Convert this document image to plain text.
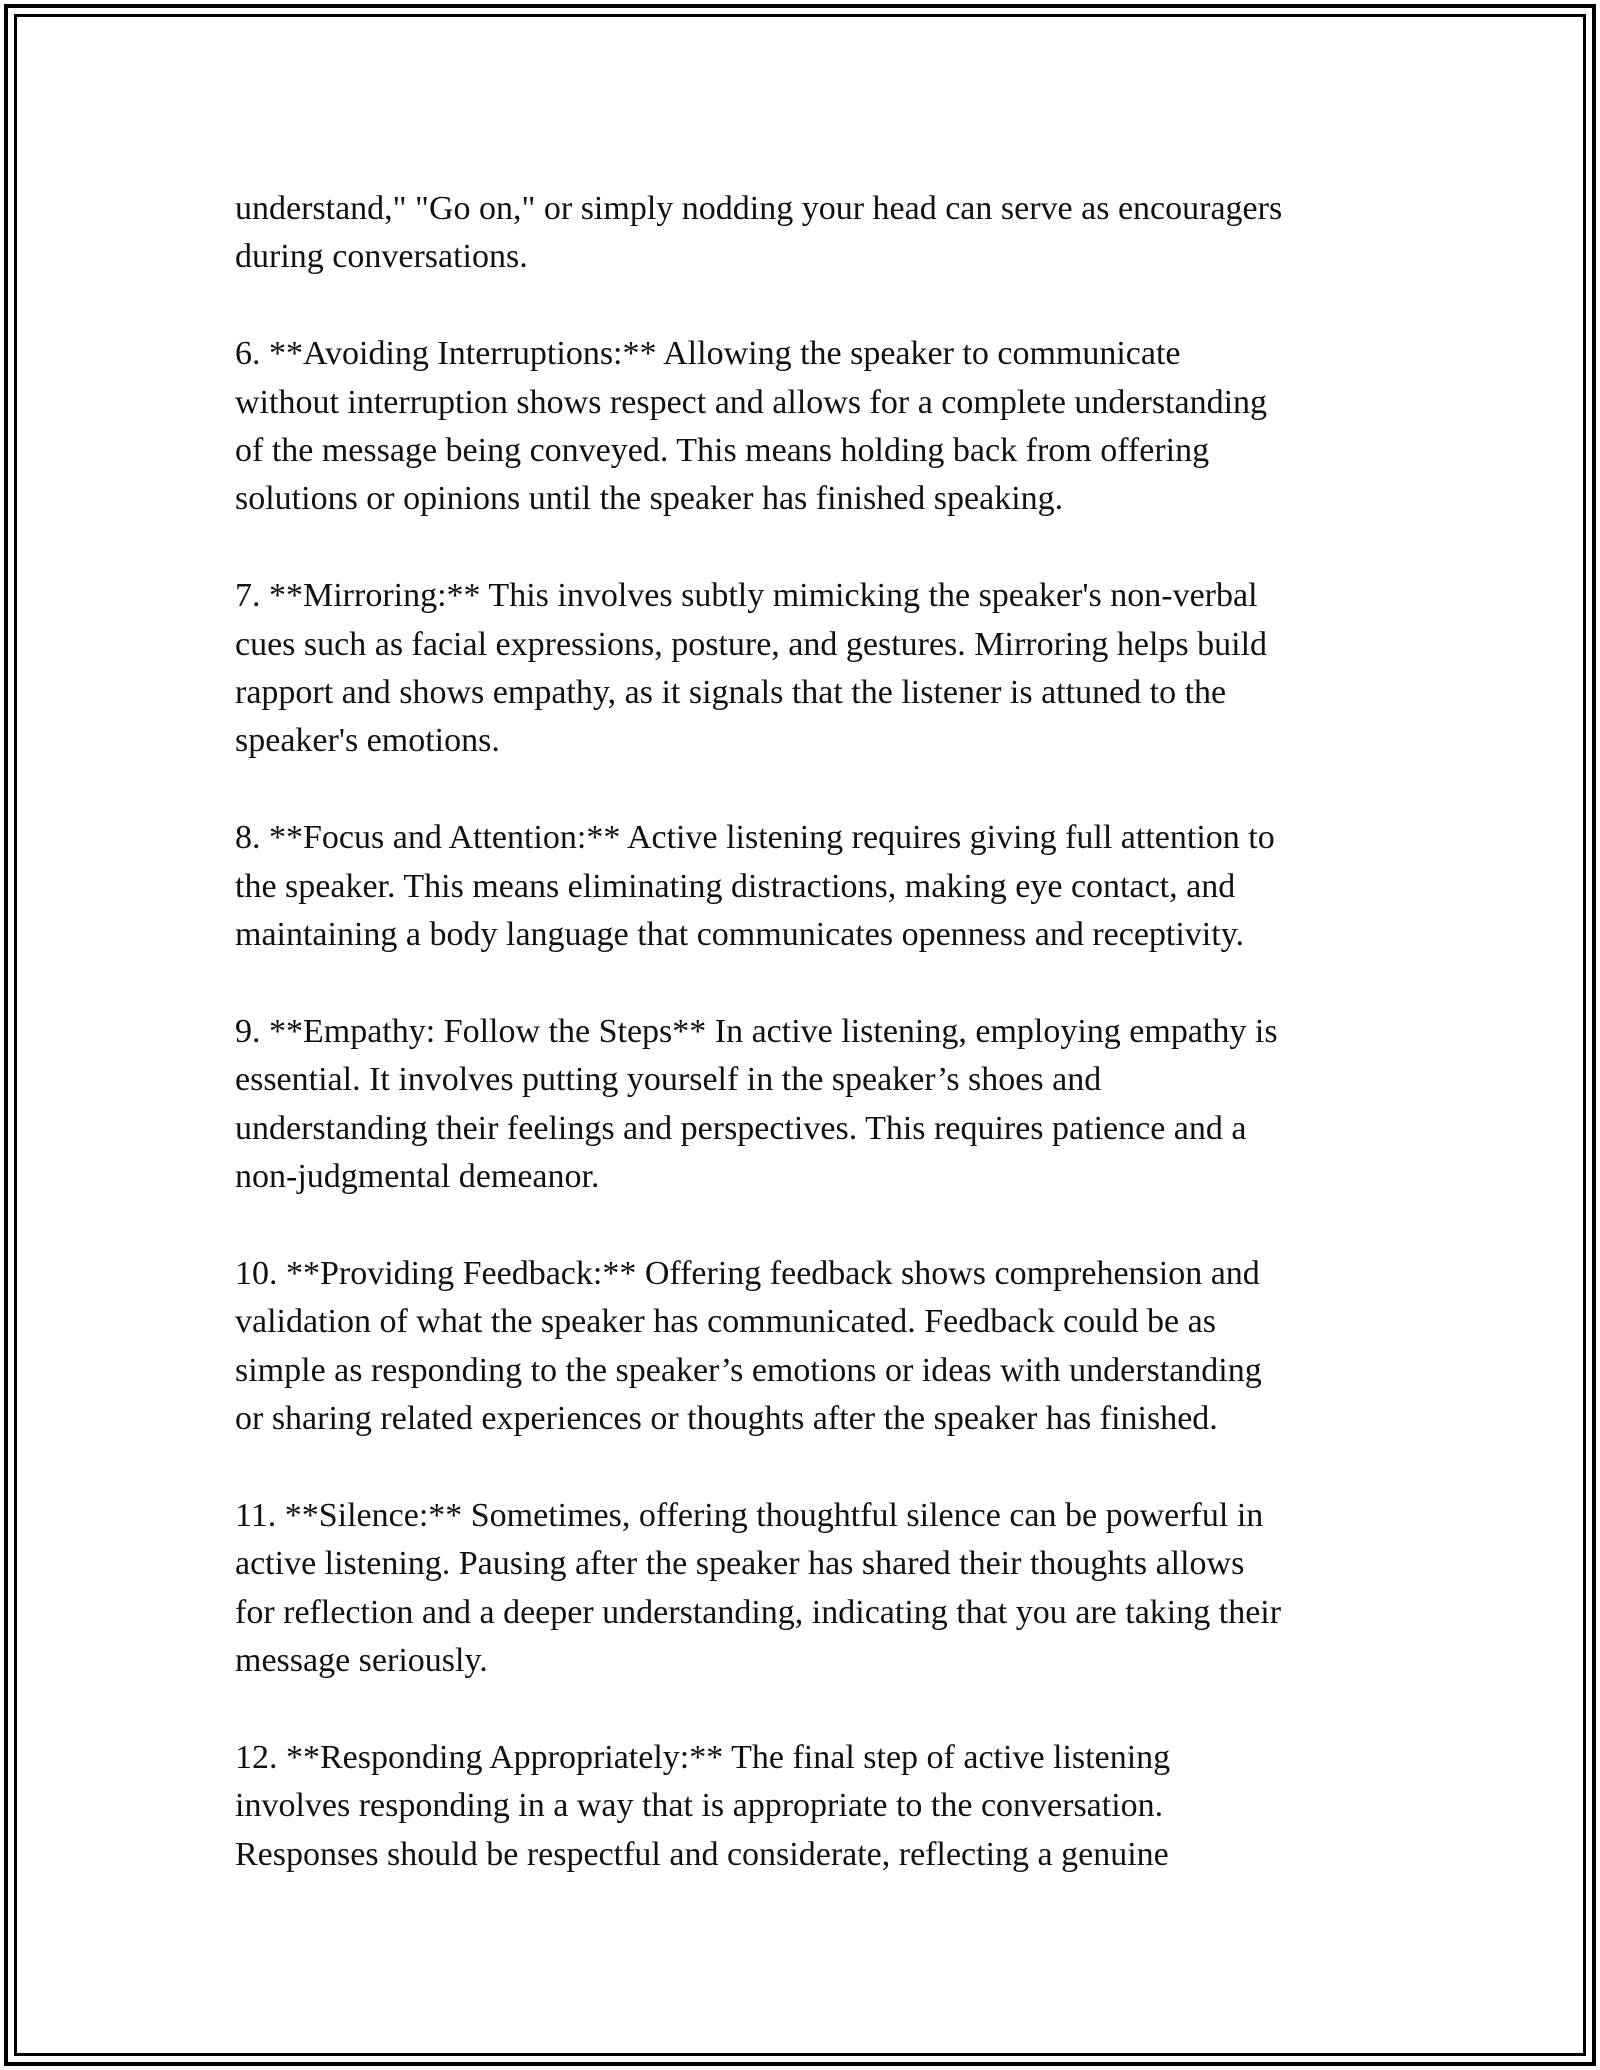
understand," "Go on," or simply nodding your head can serve as encouragers
during conversations.

6. **Avoiding Interruptions:** Allowing the speaker to communicate
without interruption shows respect and allows for a complete understanding
of the message being conveyed. This means holding back from offering
solutions or opinions until the speaker has finished speaking.

7. **Mirroring:** This involves subtly mimicking the speaker's non-verbal
cues such as facial expressions, posture, and gestures. Mirroring helps build
rapport and shows empathy, as it signals that the listener is attuned to the
speaker's emotions.

8. **Focus and Attention:** Active listening requires giving full attention to
the speaker. This means eliminating distractions, making eye contact, and
maintaining a body language that communicates openness and receptivity.

9. **Empathy: Follow the Steps** In active listening, employing empathy is
essential. It involves putting yourself in the speaker’s shoes and
understanding their feelings and perspectives. This requires patience and a
non-judgmental demeanor.

10. **Providing Feedback:** Offering feedback shows comprehension and
validation of what the speaker has communicated. Feedback could be as
simple as responding to the speaker’s emotions or ideas with understanding
or sharing related experiences or thoughts after the speaker has finished.

11. **Silence:** Sometimes, offering thoughtful silence can be powerful in
active listening. Pausing after the speaker has shared their thoughts allows
for reflection and a deeper understanding, indicating that you are taking their
message seriously.

12. **Responding Appropriately:** The final step of active listening
involves responding in a way that is appropriate to the conversation.
Responses should be respectful and considerate, reflecting a genuine
